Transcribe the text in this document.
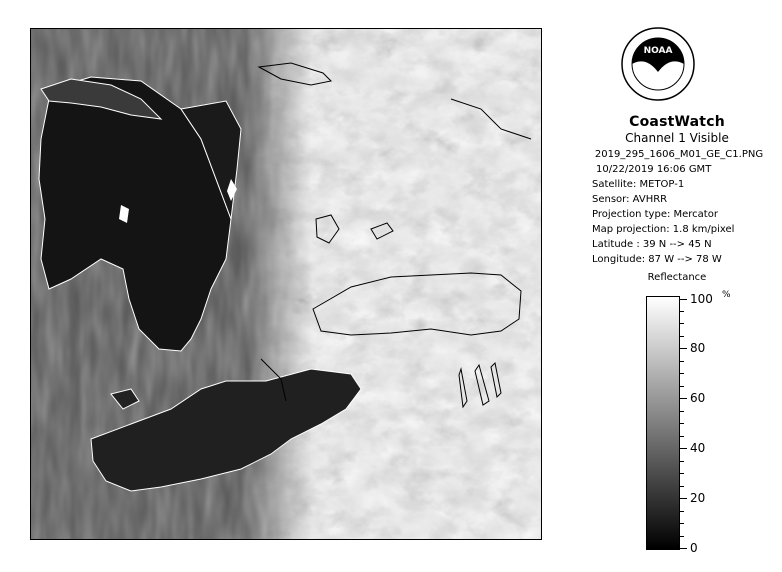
NOAA
CoastWatch
Channel 1 Visible
2019_295_1606_M01_GE_C1.PNG
10/22/2019 16:06 GMT
Satellite: METOP-1
Sensor: AVHRR
Projection type: Mercator
Map projection: 1.8 km/pixel
Latitude : 39 N --> 45 N
Longitude: 87 W --> 78 W
Reflectance
%
100
80
60
40
20
0
